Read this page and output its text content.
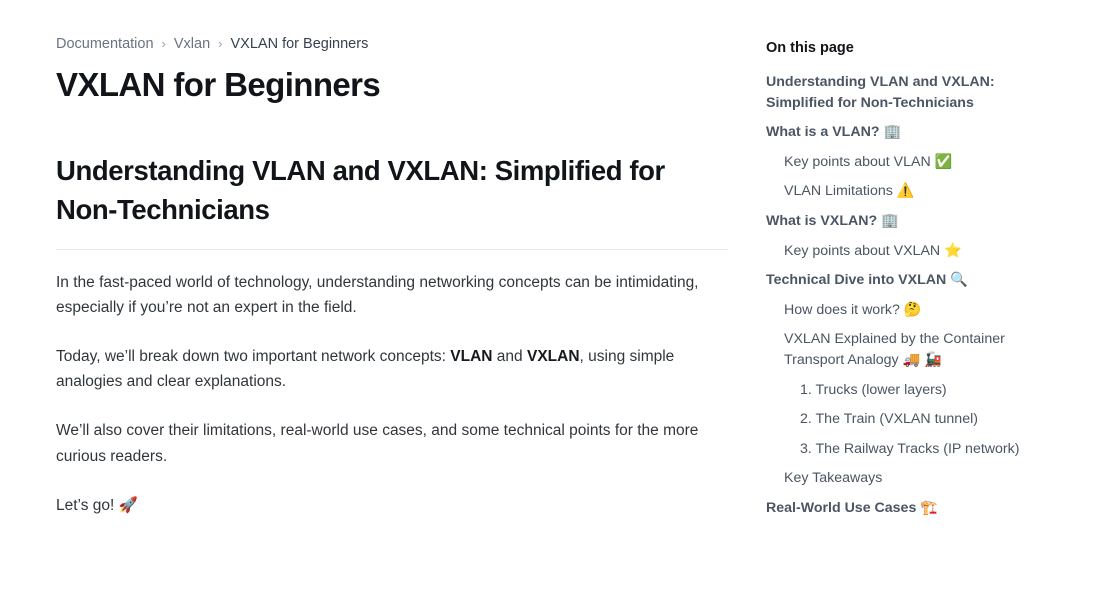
Documentation › Vxlan › VXLAN for Beginners
VXLAN for Beginners
Understanding VLAN and VXLAN: Simplified for Non-Technicians

In the fast-paced world of technology, understanding networking concepts can be intimidating, especially if you’re not an expert in the field.

Today, we’ll break down two important network concepts: VLAN and VXLAN, using simple analogies and clear explanations.

We’ll also cover their limitations, real-world use cases, and some technical points for the more curious readers.

Let’s go! 🚀

On this page
Understanding VLAN and VXLAN: Simplified for Non-Technicians
What is a VLAN? 🏢
Key points about VLAN ✅
VLAN Limitations ⚠️
What is VXLAN? 🏢
Key points about VXLAN ⭐
Technical Dive into VXLAN 🔍
How does it work? 🤔
VXLAN Explained by the Container Transport Analogy 🚚 🚂
1. Trucks (lower layers)
2. The Train (VXLAN tunnel)
3. The Railway Tracks (IP network)
Key Takeaways
Real-World Use Cases 🏗️
